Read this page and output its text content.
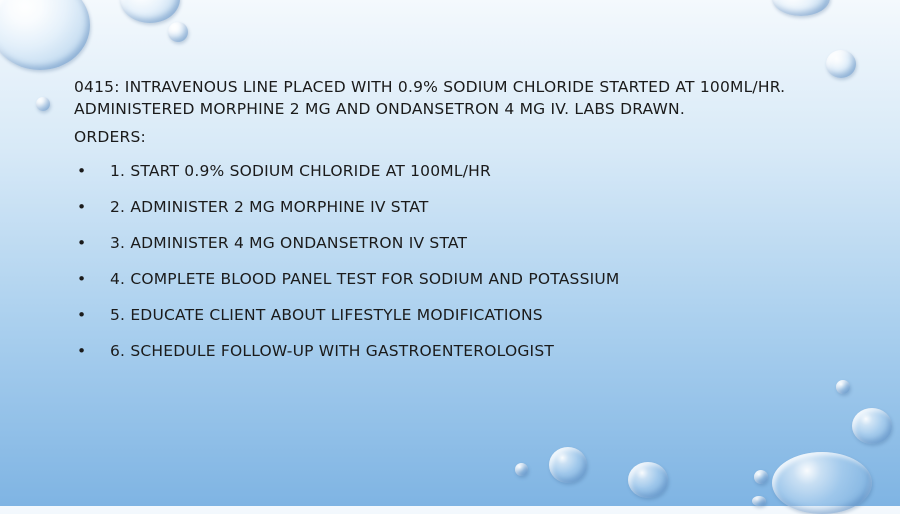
0415: INTRAVENOUS LINE PLACED WITH 0.9% SODIUM CHLORIDE STARTED AT 100ML/HR. ADMINISTERED MORPHINE 2 MG AND ONDANSETRON 4 MG IV. LABS DRAWN.

ORDERS:

• 1. START 0.9% SODIUM CHLORIDE AT 100ML/HR
• 2. ADMINISTER 2 MG MORPHINE IV STAT
• 3. ADMINISTER 4 MG ONDANSETRON IV STAT
• 4. COMPLETE BLOOD PANEL TEST FOR SODIUM AND POTASSIUM
• 5. EDUCATE CLIENT ABOUT LIFESTYLE MODIFICATIONS
• 6. SCHEDULE FOLLOW-UP WITH GASTROENTEROLOGIST
